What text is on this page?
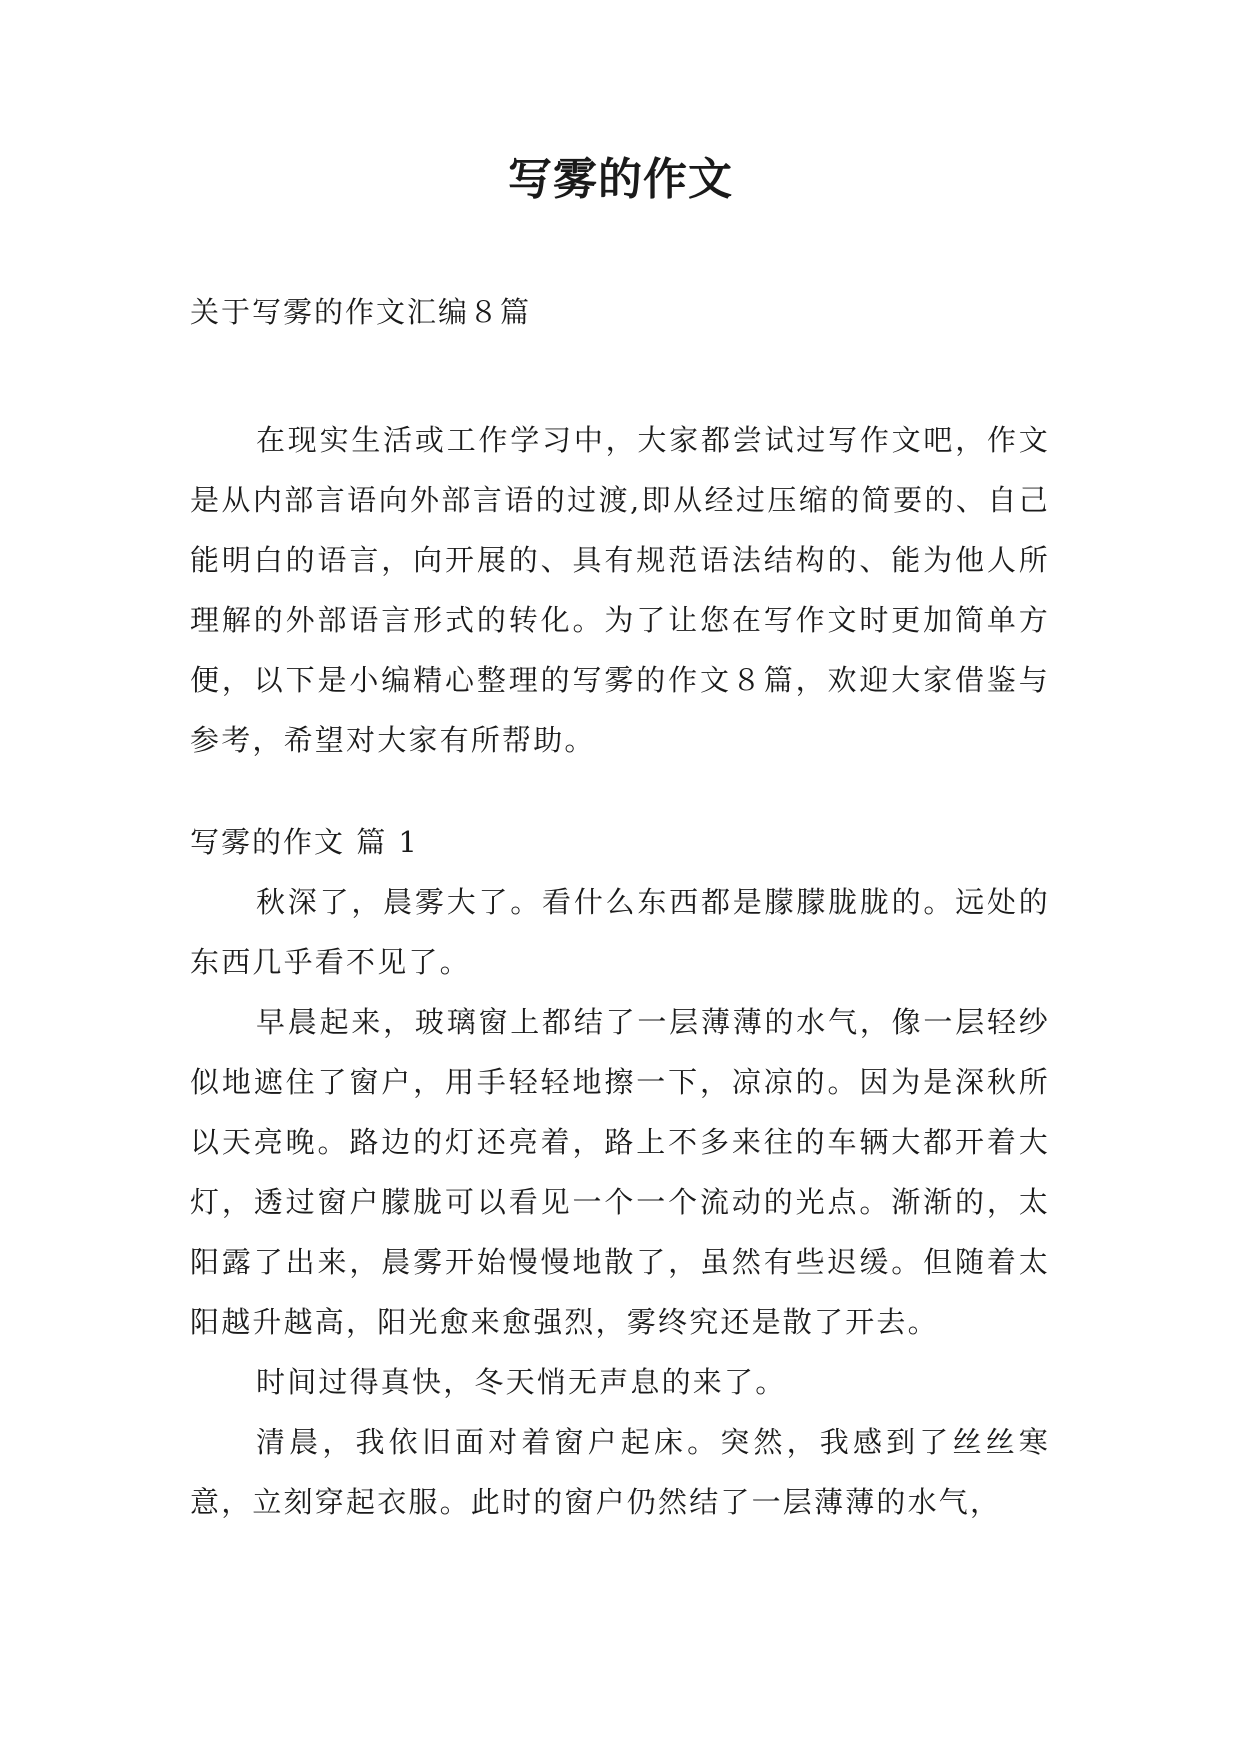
写雾的作文
关于写雾的作文汇编８篇

在现实生活或工作学习中，大家都尝试过写作文吧，作文是从内部言语向外部言语的过渡,即从经过压缩的简要的、自己能明白的语言，向开展的、具有规范语法结构的、能为他人所理解的外部语言形式的转化。为了让您在写作文时更加简单方便，以下是小编精心整理的写雾的作文８篇，欢迎大家借鉴与参考，希望对大家有所帮助。

写雾的作文 篇 1

秋深了，晨雾大了。看什么东西都是朦朦胧胧的。远处的东西几乎看不见了。

早晨起来，玻璃窗上都结了一层薄薄的水气，像一层轻纱似地遮住了窗户，用手轻轻地擦一下，凉凉的。因为是深秋所以天亮晚。路边的灯还亮着，路上不多来往的车辆大都开着大灯，透过窗户朦胧可以看见一个一个流动的光点。渐渐的，太阳露了出来，晨雾开始慢慢地散了，虽然有些迟缓。但随着太阳越升越高，阳光愈来愈强烈，雾终究还是散了开去。

时间过得真快，冬天悄无声息的来了。

清晨，我依旧面对着窗户起床。突然，我感到了丝丝寒意，立刻穿起衣服。此时的窗户仍然结了一层薄薄的水气，
